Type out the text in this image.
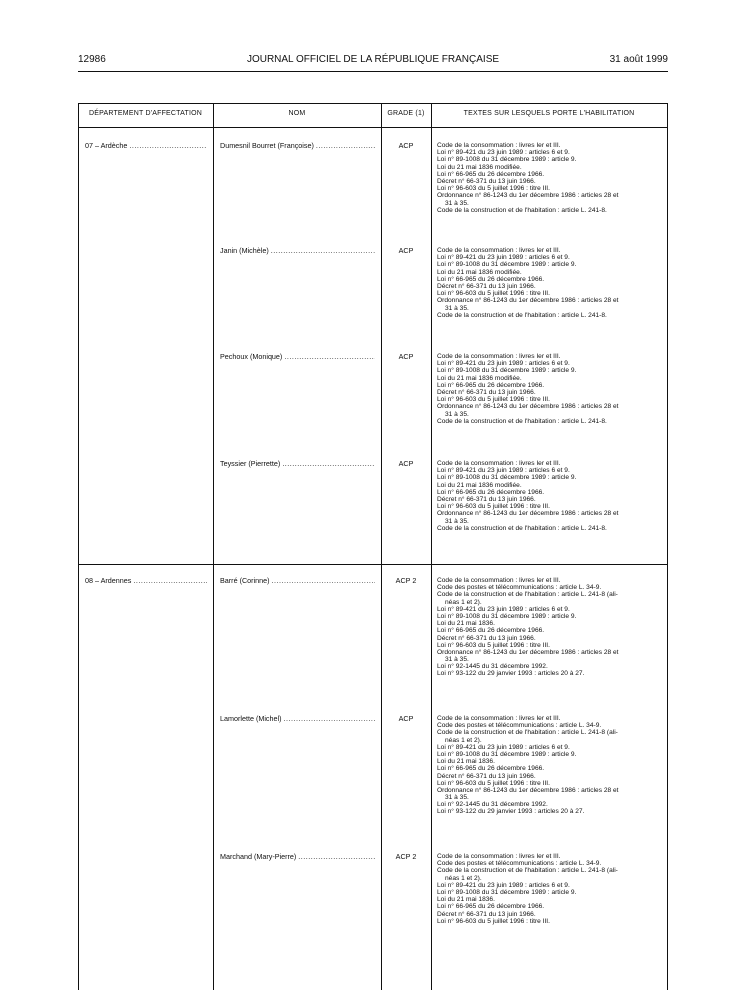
12986	JOURNAL OFFICIEL DE LA RÉPUBLIQUE FRANÇAISE	31 août 1999
DÉPARTEMENT D'AFFECTATION	NOM	GRADE (1)	TEXTES SUR LESQUELS PORTE L'HABILITATION
07 – Ardèche .....	Dumesnil Bourret (Françoise) .....	ACP	Code de la consommation : livres Ier et III.
Loi n° 89-421 du 23 juin 1989 : articles 6 et 9.
Loi n° 89-1008 du 31 décembre 1989 : article 9.
Loi du 21 mai 1836 modifiée.
Loi n° 66-965 du 26 décembre 1966.
Décret n° 66-371 du 13 juin 1966.
Loi n° 96-603 du 5 juillet 1996 : titre III.
Ordonnance n° 86-1243 du 1er décembre 1986 : articles 28 et
31 à 35.
Code de la construction et de l'habitation : article L. 241-8.
Janin (Michèle) .....	ACP	Code de la consommation : livres Ier et III.
Loi n° 89-421 du 23 juin 1989 : articles 6 et 9.
Loi n° 89-1008 du 31 décembre 1989 : article 9.
Loi du 21 mai 1836 modifiée.
Loi n° 66-965 du 26 décembre 1966.
Décret n° 66-371 du 13 juin 1966.
Loi n° 96-603 du 5 juillet 1996 : titre III.
Ordonnance n° 86-1243 du 1er décembre 1986 : articles 28 et
31 à 35.
Code de la construction et de l'habitation : article L. 241-8.
Pechoux (Monique) .....	ACP	Code de la consommation : livres Ier et III.
Loi n° 89-421 du 23 juin 1989 : articles 6 et 9.
Loi n° 89-1008 du 31 décembre 1989 : article 9.
Loi du 21 mai 1836 modifiée.
Loi n° 66-965 du 26 décembre 1966.
Décret n° 66-371 du 13 juin 1966.
Loi n° 96-603 du 5 juillet 1996 : titre III.
Ordonnance n° 86-1243 du 1er décembre 1986 : articles 28 et
31 à 35.
Code de la construction et de l'habitation : article L. 241-8.
Teyssier (Pierrette) .....	ACP	Code de la consommation : livres Ier et III.
Loi n° 89-421 du 23 juin 1989 : articles 6 et 9.
Loi n° 89-1008 du 31 décembre 1989 : article 9.
Loi du 21 mai 1836 modifiée.
Loi n° 66-965 du 26 décembre 1966.
Décret n° 66-371 du 13 juin 1966.
Loi n° 96-603 du 5 juillet 1996 : titre III.
Ordonnance n° 86-1243 du 1er décembre 1986 : articles 28 et
31 à 35.
Code de la construction et de l'habitation : article L. 241-8.
08 – Ardennes .....	Barré (Corinne) .....	ACP 2	Code de la consommation : livres Ier et III.
Code des postes et télécommunications : article L. 34-9.
Code de la construction et de l'habitation : article L. 241-8 (ali-
néas 1 et 2).
Loi n° 89-421 du 23 juin 1989 : articles 6 et 9.
Loi n° 89-1008 du 31 décembre 1989 : article 9.
Loi du 21 mai 1836.
Loi n° 66-965 du 26 décembre 1966.
Décret n° 66-371 du 13 juin 1966.
Loi n° 96-603 du 5 juillet 1996 : titre III.
Ordonnance n° 86-1243 du 1er décembre 1986 : articles 28 et
31 à 35.
Loi n° 92-1445 du 31 décembre 1992.
Loi n° 93-122 du 29 janvier 1993 : articles 20 à 27.
Lamorlette (Michel) .....	ACP	Code de la consommation : livres Ier et III.
Code des postes et télécommunications : article L. 34-9.
Code de la construction et de l'habitation : article L. 241-8 (ali-
néas 1 et 2).
Loi n° 89-421 du 23 juin 1989 : articles 6 et 9.
Loi n° 89-1008 du 31 décembre 1989 : article 9.
Loi du 21 mai 1836.
Loi n° 66-965 du 26 décembre 1966.
Décret n° 66-371 du 13 juin 1966.
Loi n° 96-603 du 5 juillet 1996 : titre III.
Ordonnance n° 86-1243 du 1er décembre 1986 : articles 28 et
31 à 35.
Loi n° 92-1445 du 31 décembre 1992.
Loi n° 93-122 du 29 janvier 1993 : articles 20 à 27.
Marchand (Mary-Pierre) .....	ACP 2	Code de la consommation : livres Ier et III.
Code des postes et télécommunications : article L. 34-9.
Code de la construction et de l'habitation : article L. 241-8 (ali-
néas 1 et 2).
Loi n° 89-421 du 23 juin 1989 : articles 6 et 9.
Loi n° 89-1008 du 31 décembre 1989 : article 9.
Loi du 21 mai 1836.
Loi n° 66-965 du 26 décembre 1966.
Décret n° 66-371 du 13 juin 1966.
Loi n° 96-603 du 5 juillet 1996 : titre III.
